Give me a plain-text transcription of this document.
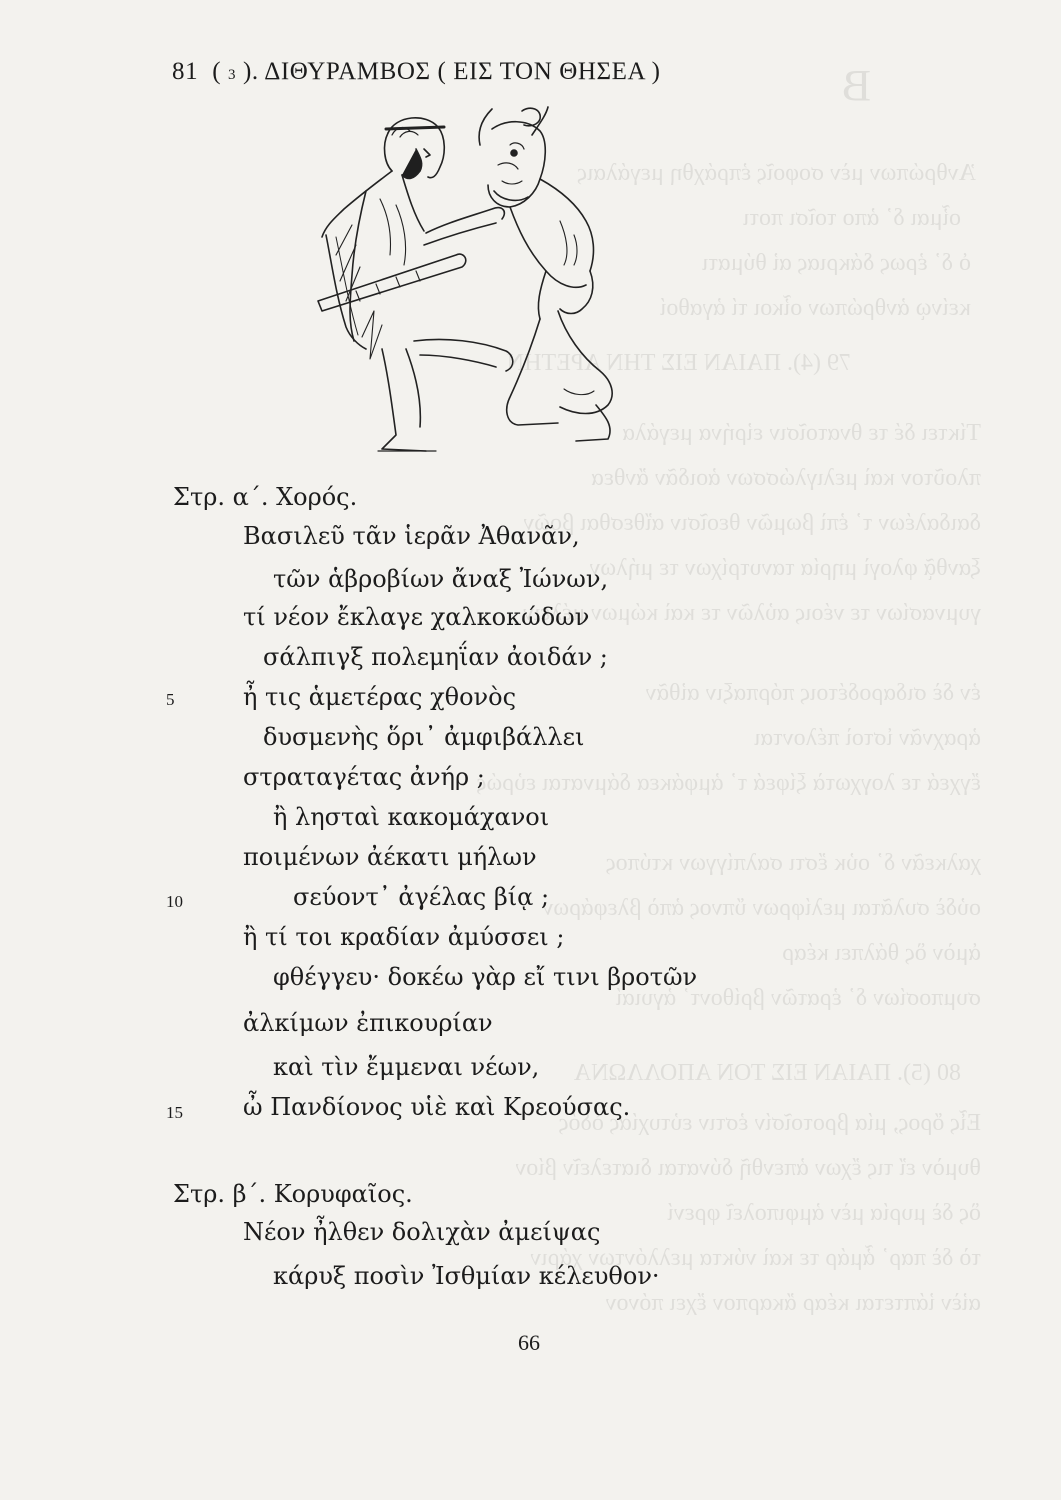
B
Ἀνθρώπων μὲν σοφοῖς ἐπράχθη μεγάλαις
οἶμαι δ᾽ ἀπο τοῖσι ποτι
ὁ δ᾽ ἐρως δάκριας αἰ θύματι
κείνῳ ἀνθρώπων οἶκοι τί ἀγαθοί
79 (4). ΠΑΙΑΝ ΕΙΣ ΤΗΝ ΑΡΕΤΗΝ
Τίκτει δέ τε θνατοῖσιν εἰρήνα μεγάλα
πλοῦτον καὶ μελιγλώσσων ἀοιδᾶν ἄνθεα
δαιδαλέων τ᾽ ἐπὶ βωμῶν θεοῖσιν αἴθεσθαι βοῶν
ξανθᾷ φλογὶ μηρία τανυτρίχων τε μήλων
γυμνασίων τε νέοις αὐλῶν τε καὶ κώμων μέλειν
ἐν δὲ σιδαροδέτοις πόρπαξιν αἰθᾶν
ἀραχνᾶν ἱστοὶ πέλονται
ἔγχεά τε λογχωτὰ ξίφεά τ᾽ ἀμφάκεα δάμναται εὐρώς
χαλκεᾶν δ᾽ οὐκ ἔστι σαλπίγγων κτύπος
οὐδὲ συλᾶται μελίφρων ὕπνος ἀπὸ βλεφάρων
ἁμὸν ὃς θάλπει κέαρ
συμποσίων δ᾽ ἐρατῶν βρίθοντ᾽ ἀγυιαί
80 (5). ΠΑΙΑΝ ΕΙΣ ΤΟΝ ΑΠΟΛΛΩΝΑ
Εἷς ὅρος, μία βροτοῖσίν ἐστιν εὐτυχίας ὁδός
θυμὸν εἴ τις ἔχων ἀπενθῆ δύναται διατελεῖν βίον
ὃς δὲ μυρία μὲν ἀμφιπολεῖ φρενί
τὸ δὲ παρ᾽ ἆμάρ τε καὶ νύκτα μελλόντων χάριν
αἰὲν ἰάπτεται κέαρ ἄκαρπον ἔχει πόνον
81 ( 3 ). ΔΙΘΥΡΑΜΒΟΣ ( ΕΙΣ ΤΟΝ ΘΗΣΕΑ )
Στρ. α΄. Χορός.
Βασιλεῦ τᾶν ἱερᾶν Ἀθανᾶν,
τῶν ἁβροβίων ἄναξ Ἰώνων,
τί νέον ἔκλαγε χαλκοκώδων
σάλπιγξ πολεμηΐαν ἀοιδάν ;
ἦ τις ἁμετέρας χθονὸς
δυσμενὴς ὅρι᾽ ἀμφιβάλλει
στραταγέτας ἀνήρ ;
ἢ λησταὶ κακομάχανοι
ποιμένων ἀέκατι μήλων
σεύοντ᾽ ἀγέλας βίᾳ ;
ἢ τί τοι κραδίαν ἀμύσσει ;
φθέγγευ· δοκέω γὰρ εἴ τινι βροτῶν
ἀλκίμων ἐπικουρίαν
καὶ τὶν ἔμμεναι νέων,
ὦ Πανδίονος υἱὲ καὶ Κρεούσας.
5
10
15
Στρ. β΄. Κορυφαῖος.
Νέον ἦλθεν δολιχὰν ἀμείψας
κάρυξ ποσὶν Ἰσθμίαν κέλευθον·
66
